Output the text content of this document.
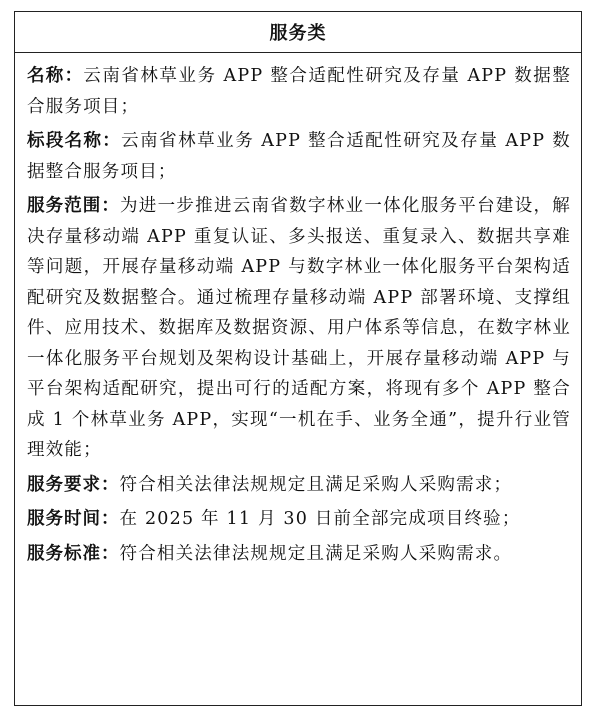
服务类

名称：云南省林草业务 APP 整合适配性研究及存量 APP 数据整合服务项目；

标段名称：云南省林草业务 APP 整合适配性研究及存量 APP 数据整合服务项目；

服务范围：为进一步推进云南省数字林业一体化服务平台建设，解决存量移动端 APP 重复认证、多头报送、重复录入、数据共享难等问题，开展存量移动端 APP 与数字林业一体化服务平台架构适配研究及数据整合。通过梳理存量移动端 APP 部署环境、支撑组件、应用技术、数据库及数据资源、用户体系等信息，在数字林业一体化服务平台规划及架构设计基础上，开展存量移动端 APP 与平台架构适配研究，提出可行的适配方案，将现有多个 APP 整合成 1 个林草业务 APP，实现“一机在手、业务全通”，提升行业管理效能；

服务要求：符合相关法律法规规定且满足采购人采购需求；

服务时间：在 2025 年 11 月 30 日前全部完成项目终验；

服务标准：符合相关法律法规规定且满足采购人采购需求。
